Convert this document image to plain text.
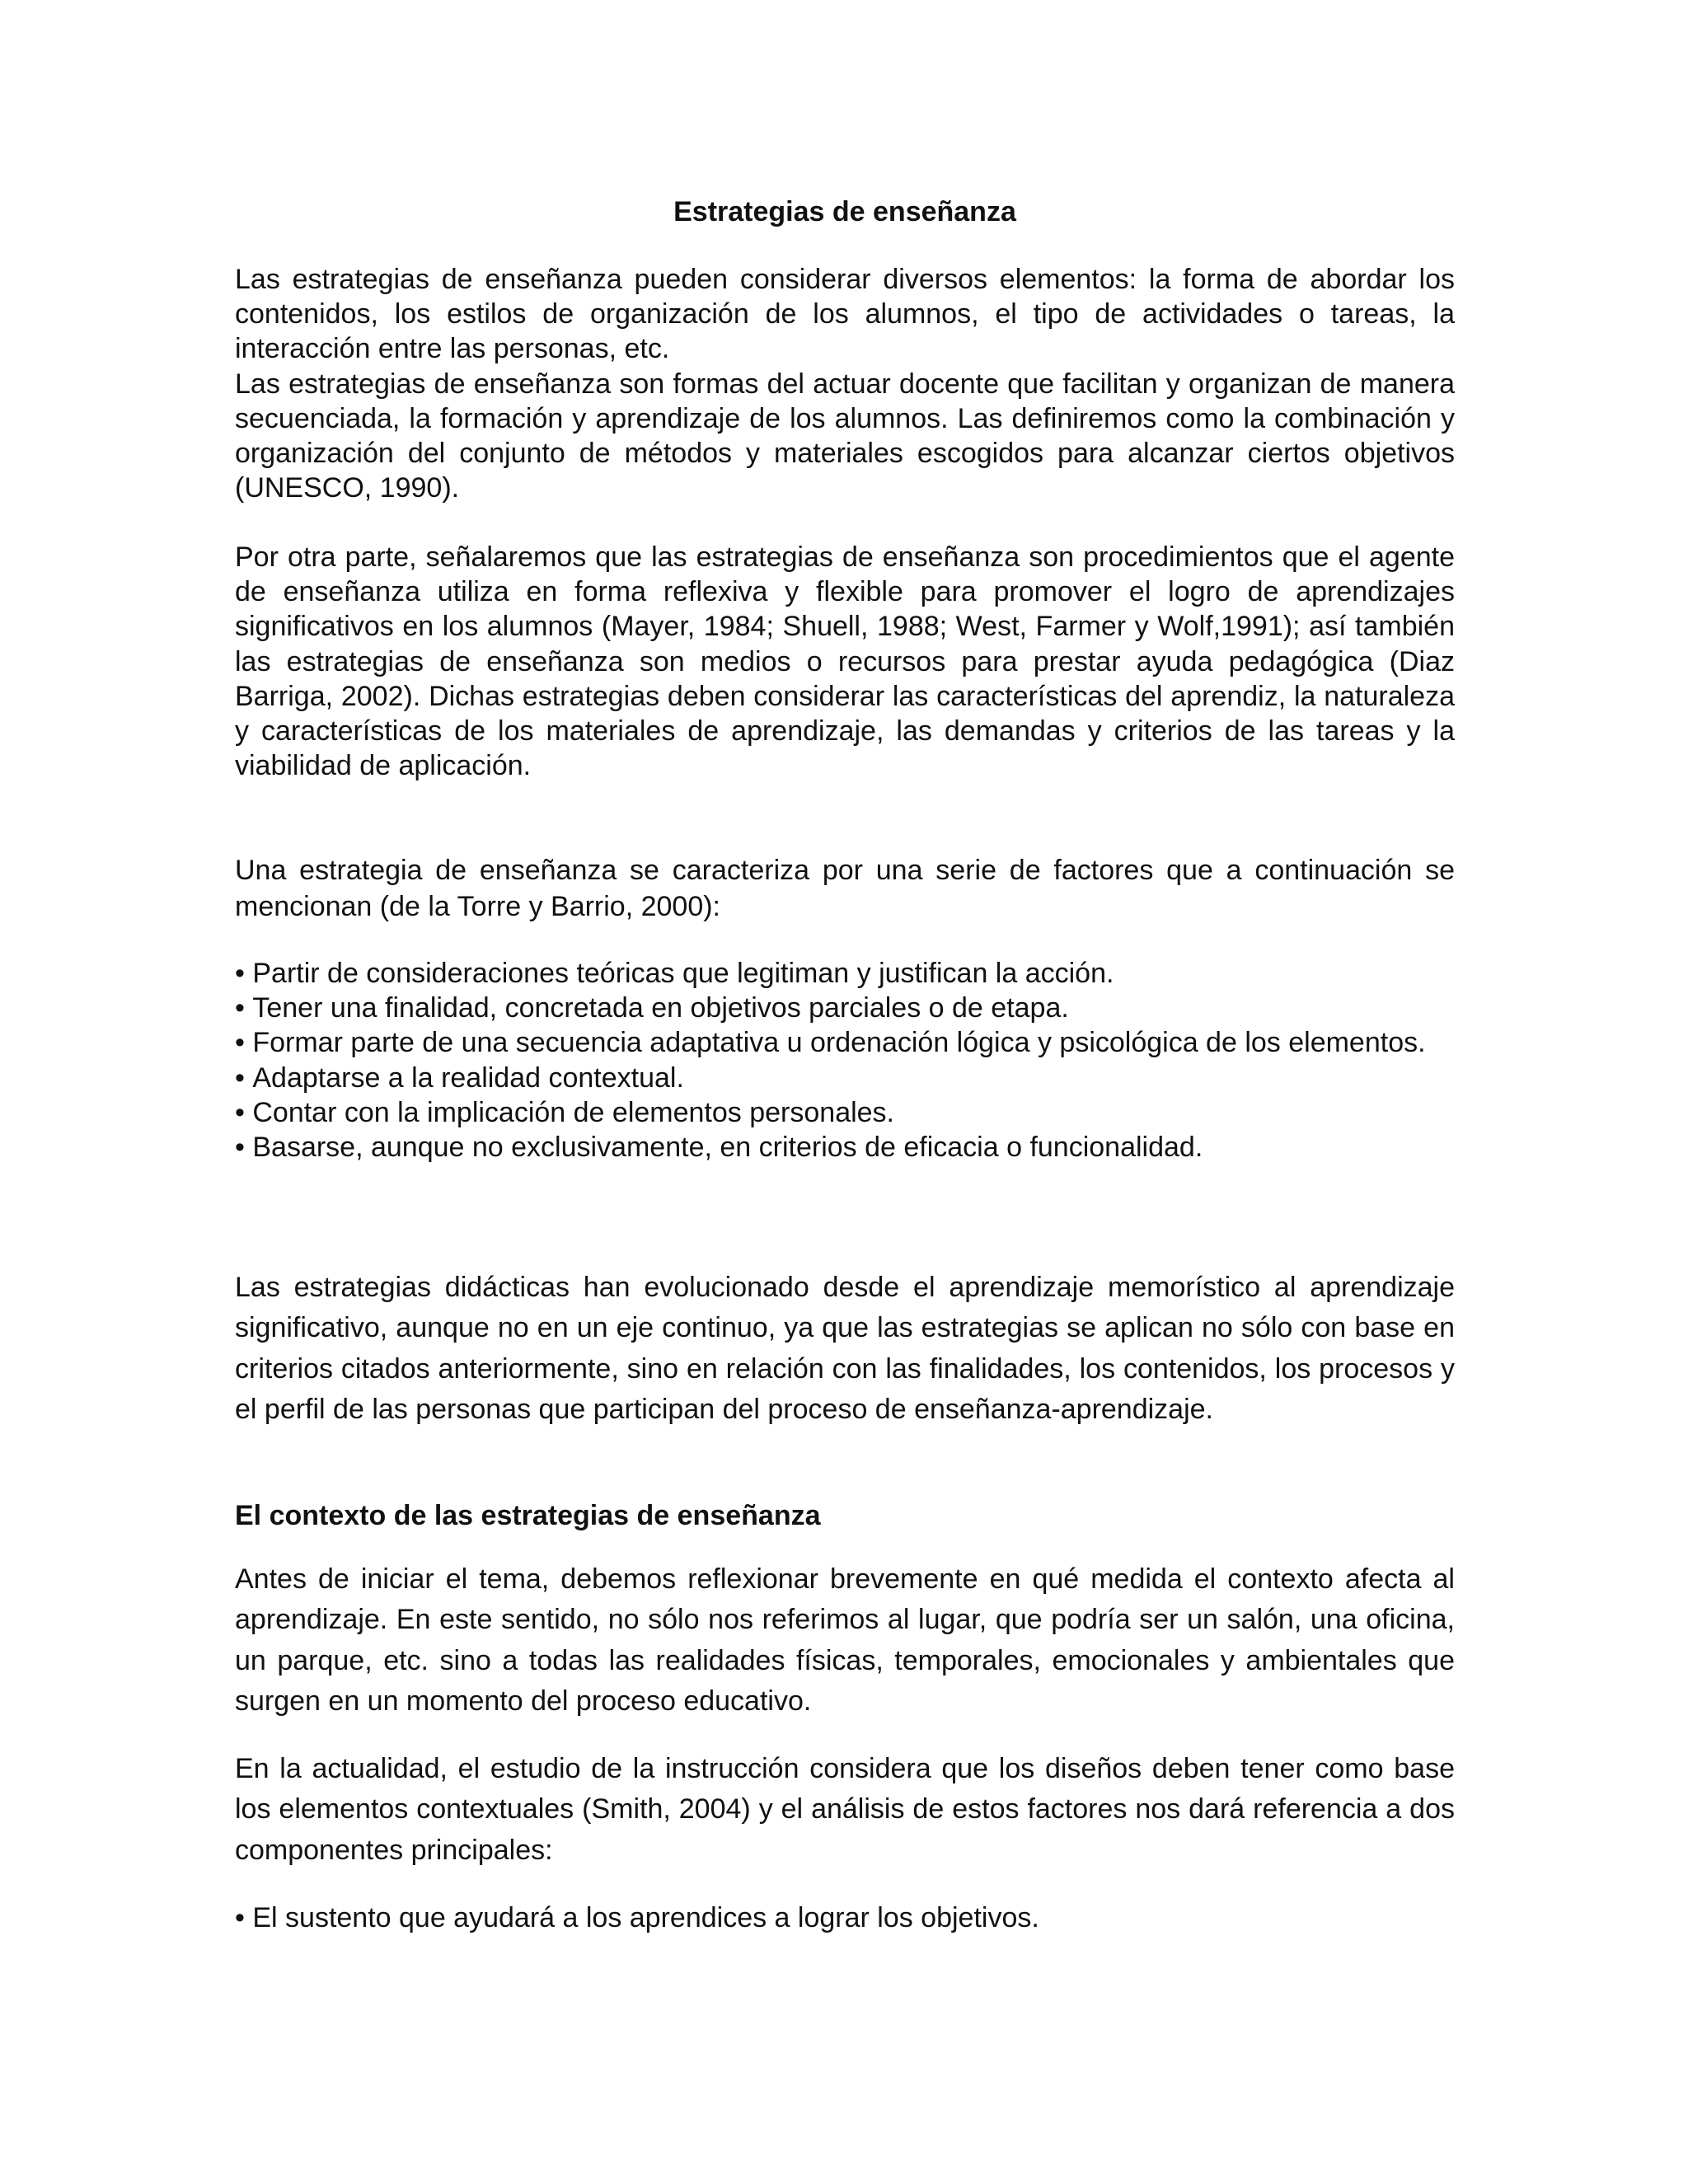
Estrategias de enseñanza

Las estrategias de enseñanza pueden considerar diversos elementos: la forma de abordar los contenidos, los estilos de organización de los alumnos, el tipo de actividades o tareas, la interacción entre las personas, etc.

Las estrategias de enseñanza son formas del actuar docente que facilitan y organizan de manera secuenciada, la formación y aprendizaje de los alumnos. Las definiremos como la combinación y organización del conjunto de métodos y materiales escogidos para alcanzar ciertos objetivos (UNESCO, 1990).

Por otra parte, señalaremos que las estrategias de enseñanza son procedimientos que el agente de enseñanza utiliza en forma reflexiva y flexible para promover el logro de aprendizajes significativos en los alumnos (Mayer, 1984; Shuell, 1988; West, Farmer y Wolf,1991); así también las estrategias de enseñanza son medios o recursos para prestar ayuda pedagógica (Diaz Barriga, 2002). Dichas estrategias deben considerar las características del aprendiz, la naturaleza y características de los materiales de aprendizaje, las demandas y criterios de las tareas y la viabilidad de aplicación.

Una estrategia de enseñanza se caracteriza por una serie de factores que a continuación se mencionan (de la Torre y Barrio, 2000):

• Partir de consideraciones teóricas que legitiman y justifican la acción.
• Tener una finalidad, concretada en objetivos parciales o de etapa.
• Formar parte de una secuencia adaptativa u ordenación lógica y psicológica de los elementos.
• Adaptarse a la realidad contextual.
• Contar con la implicación de elementos personales.
• Basarse, aunque no exclusivamente, en criterios de eficacia o funcionalidad.

Las estrategias didácticas han evolucionado desde el aprendizaje memorístico al aprendizaje significativo, aunque no en un eje continuo, ya que las estrategias se aplican no sólo con base en criterios citados anteriormente, sino en relación con las finalidades, los contenidos, los procesos y el perfil de las personas que participan del proceso de enseñanza-aprendizaje.

El contexto de las estrategias de enseñanza

Antes de iniciar el tema, debemos reflexionar brevemente en qué medida el contexto afecta al aprendizaje. En este sentido, no sólo nos referimos al lugar, que podría ser un salón, una oficina, un parque, etc. sino a todas las realidades físicas, temporales, emocionales y ambientales que surgen en un momento del proceso educativo.

En la actualidad, el estudio de la instrucción considera que los diseños deben tener como base los elementos contextuales (Smith, 2004) y el análisis de estos factores nos dará referencia a dos componentes principales:

• El sustento que ayudará a los aprendices a lograr los objetivos.
